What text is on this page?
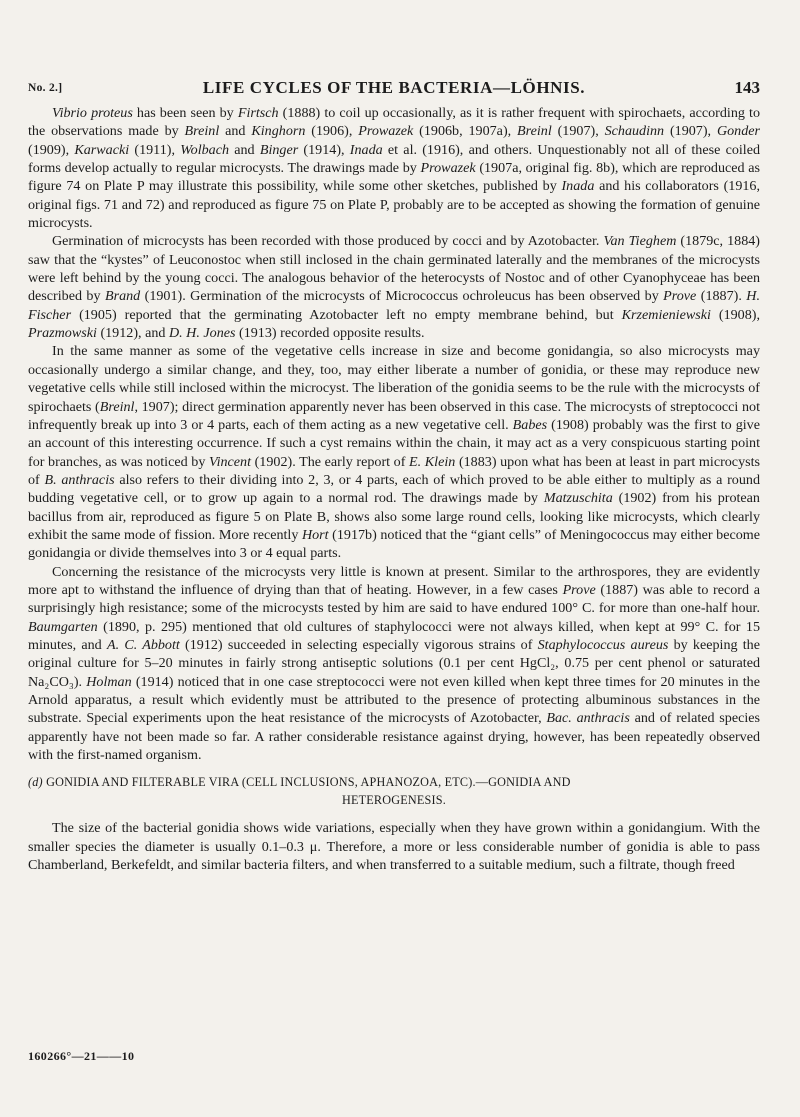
No. 2.]	LIFE CYCLES OF THE BACTERIA—LÖHNIS.	143

Vibrio proteus has been seen by Firtsch (1888) to coil up occasionally, as it is rather frequent with spirochaets, according to the observations made by Breinl and Kinghorn (1906), Prowazek (1906b, 1907a), Breinl (1907), Schaudinn (1907), Gonder (1909), Karwacki (1911), Wolbach and Binger (1914), Inada et al. (1916), and others. Unquestionably not all of these coiled forms develop actually to regular microcysts. The drawings made by Prowazek (1907a, original fig. 8b), which are reproduced as figure 74 on Plate P may illustrate this possibility, while some other sketches, published by Inada and his collaborators (1916, original figs. 71 and 72) and reproduced as figure 75 on Plate P, probably are to be accepted as showing the formation of genuine microcysts.

Germination of microcysts has been recorded with those produced by cocci and by Azotobacter. Van Tieghem (1879c, 1884) saw that the “kystes” of Leuconostoc when still inclosed in the chain germinated laterally and the membranes of the microcysts were left behind by the young cocci. The analogous behavior of the heterocysts of Nostoc and of other Cyanophyceae has been described by Brand (1901). Germination of the microcysts of Micrococcus ochroleucus has been observed by Prove (1887). H. Fischer (1905) reported that the germinating Azotobacter left no empty membrane behind, but Krzemieniewski (1908), Prazmowski (1912), and D. H. Jones (1913) recorded opposite results.

In the same manner as some of the vegetative cells increase in size and become gonidangia, so also microcysts may occasionally undergo a similar change, and they, too, may either liberate a number of gonidia, or these may reproduce new vegetative cells while still inclosed within the microcyst. The liberation of the gonidia seems to be the rule with the microcysts of spirochaets (Breinl, 1907); direct germination apparently never has been observed in this case. The microcysts of streptococci not infrequently break up into 3 or 4 parts, each of them acting as a new vegetative cell. Babes (1908) probably was the first to give an account of this interesting occurrence. If such a cyst remains within the chain, it may act as a very conspicuous starting point for branches, as was noticed by Vincent (1902). The early report of E. Klein (1883) upon what has been at least in part microcysts of B. anthracis also refers to their dividing into 2, 3, or 4 parts, each of which proved to be able either to multiply as a round budding vegetative cell, or to grow up again to a normal rod. The drawings made by Matzuschita (1902) from his protean bacillus from air, reproduced as figure 5 on Plate B, shows also some large round cells, looking like microcysts, which clearly exhibit the same mode of fission. More recently Hort (1917b) noticed that the “giant cells” of Meningococcus may either become gonidangia or divide themselves into 3 or 4 equal parts.

Concerning the resistance of the microcysts very little is known at present. Similar to the arthrospores, they are evidently more apt to withstand the influence of drying than that of heating. However, in a few cases Prove (1887) was able to record a surprisingly high resistance; some of the microcysts tested by him are said to have endured 100° C. for more than one-half hour. Baumgarten (1890, p. 295) mentioned that old cultures of staphylococci were not always killed, when kept at 99° C. for 15 minutes, and A. C. Abbott (1912) succeeded in selecting especially vigorous strains of Staphylococcus aureus by keeping the original culture for 5–20 minutes in fairly strong antiseptic solutions (0.1 per cent HgCl₂, 0.75 per cent phenol or saturated Na₂CO₃). Holman (1914) noticed that in one case streptococci were not even killed when kept three times for 20 minutes in the Arnold apparatus, a result which evidently must be attributed to the presence of protecting albuminous substances in the substrate. Special experiments upon the heat resistance of the microcysts of Azotobacter, Bac. anthracis and of related species apparently have not been made so far. A rather considerable resistance against drying, however, has been repeatedly observed with the first-named organism.

(d) GONIDIA AND FILTERABLE VIRA (CELL INCLUSIONS, APHANOZOA, ETC).—GONIDIA AND
HETEROGENESIS.

The size of the bacterial gonidia shows wide variations, especially when they have grown within a gonidangium. With the smaller species the diameter is usually 0.1–0.3 μ. Therefore, a more or less considerable number of gonidia is able to pass Chamberland, Berkefeldt, and similar bacteria filters, and when transferred to a suitable medium, such a filtrate, though freed

160266°—21——10
